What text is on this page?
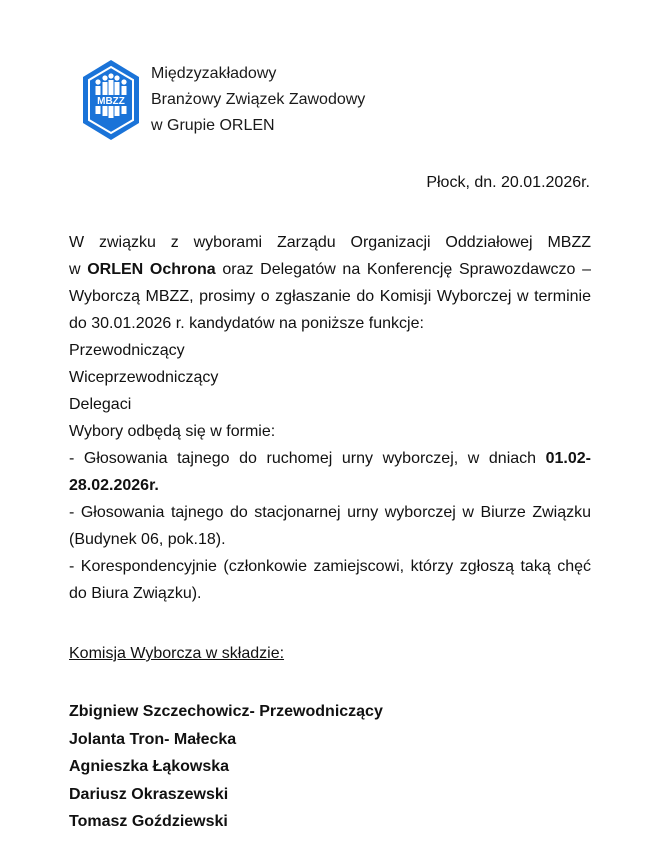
MBZZ
Międzyzakładowy
Branżowy Związek Zawodowy
w Grupie ORLEN
Płock, dn. 20.01.2026r.
W związku z wyborami Zarządu Organizacji Oddziałowej MBZZ
w ORLEN Ochrona oraz Delegatów na Konferencję Sprawozdawczo –
Wyborczą MBZZ, prosimy o zgłaszanie do Komisji Wyborczej w terminie
do 30.01.2026 r. kandydatów na poniższe funkcje:
Przewodniczący
Wiceprzewodniczący
Delegaci
Wybory odbędą się w formie:
- Głosowania tajnego do ruchomej urny wyborczej, w dniach 01.02-
28.02.2026r.
- Głosowania tajnego do stacjonarnej urny wyborczej w Biurze Związku
(Budynek 06, pok.18).
- Korespondencyjnie (członkowie zamiejscowi, którzy zgłoszą taką chęć
do Biura Związku).
Komisja Wyborcza w składzie:
Zbigniew Szczechowicz- Przewodniczący
Jolanta Tron- Małecka
Agnieszka Łąkowska
Dariusz Okraszewski
Tomasz Goździewski
